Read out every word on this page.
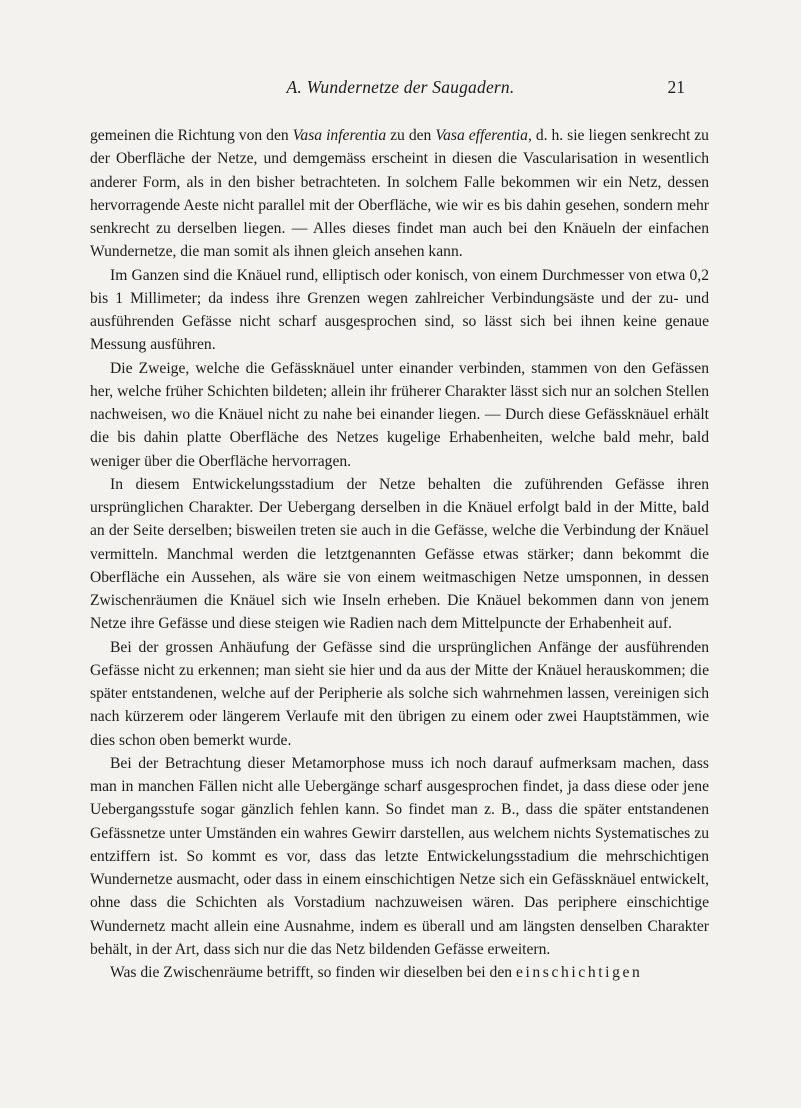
A. Wundernetze der Saugadern.	21

gemeinen die Richtung von den Vasa inferentia zu den Vasa efferentia, d. h. sie liegen senkrecht zu der Oberfläche der Netze, und demgemäss erscheint in diesen die Vascularisation in wesentlich anderer Form, als in den bisher betrachteten. In solchem Falle bekommen wir ein Netz, dessen hervorragende Aeste nicht parallel mit der Oberfläche, wie wir es bis dahin gesehen, sondern mehr senkrecht zu derselben liegen. — Alles dieses findet man auch bei den Knäueln der einfachen Wundernetze, die man somit als ihnen gleich ansehen kann.

Im Ganzen sind die Knäuel rund, elliptisch oder konisch, von einem Durchmesser von etwa 0,2 bis 1 Millimeter; da indess ihre Grenzen wegen zahlreicher Verbindungsäste und der zu- und ausführenden Gefässe nicht scharf ausgesprochen sind, so lässt sich bei ihnen keine genaue Messung ausführen.

Die Zweige, welche die Gefässknäuel unter einander verbinden, stammen von den Gefässen her, welche früher Schichten bildeten; allein ihr früherer Charakter lässt sich nur an solchen Stellen nachweisen, wo die Knäuel nicht zu nahe bei einander liegen. — Durch diese Gefässknäuel erhält die bis dahin platte Oberfläche des Netzes kugelige Erhabenheiten, welche bald mehr, bald weniger über die Oberfläche hervorragen.

In diesem Entwickelungsstadium der Netze behalten die zuführenden Gefässe ihren ursprünglichen Charakter. Der Uebergang derselben in die Knäuel erfolgt bald in der Mitte, bald an der Seite derselben; bisweilen treten sie auch in die Gefässe, welche die Verbindung der Knäuel vermitteln. Manchmal werden die letztgenannten Gefässe etwas stärker; dann bekommt die Oberfläche ein Aussehen, als wäre sie von einem weitmaschigen Netze umsponnen, in dessen Zwischenräumen die Knäuel sich wie Inseln erheben. Die Knäuel bekommen dann von jenem Netze ihre Gefässe und diese steigen wie Radien nach dem Mittelpuncte der Erhabenheit auf.

Bei der grossen Anhäufung der Gefässe sind die ursprünglichen Anfänge der ausführenden Gefässe nicht zu erkennen; man sieht sie hier und da aus der Mitte der Knäuel herauskommen; die später entstandenen, welche auf der Peripherie als solche sich wahrnehmen lassen, vereinigen sich nach kürzerem oder längerem Verlaufe mit den übrigen zu einem oder zwei Hauptstämmen, wie dies schon oben bemerkt wurde.

Bei der Betrachtung dieser Metamorphose muss ich noch darauf aufmerksam machen, dass man in manchen Fällen nicht alle Uebergänge scharf ausgesprochen findet, ja dass diese oder jene Uebergangsstufe sogar gänzlich fehlen kann. So findet man z. B., dass die später entstandenen Gefässnetze unter Umständen ein wahres Gewirr darstellen, aus welchem nichts Systematisches zu entziffern ist. So kommt es vor, dass das letzte Entwickelungsstadium die mehrschichtigen Wundernetze ausmacht, oder dass in einem einschichtigen Netze sich ein Gefässknäuel entwickelt, ohne dass die Schichten als Vorstadium nachzuweisen wären. Das periphere einschichtige Wundernetz macht allein eine Ausnahme, indem es überall und am längsten denselben Charakter behält, in der Art, dass sich nur die das Netz bildenden Gefässe erweitern.

Was die Zwischenräume betrifft, so finden wir dieselben bei den einschichtigen
